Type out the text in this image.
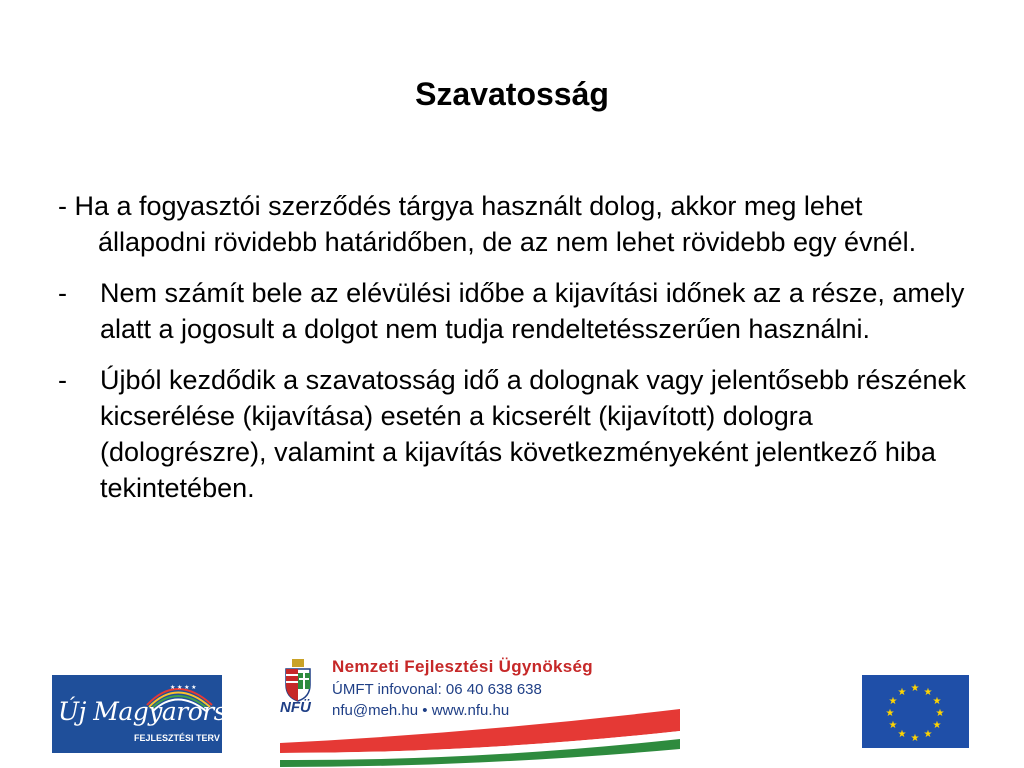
Szavatosság

- Ha a fogyasztói szerződés tárgya használt dolog, akkor meg lehet állapodni rövidebb határidőben, de az nem lehet rövidebb egy évnél.

- Nem számít bele az elévülési időbe a kijavítási időnek az a része, amely alatt a jogosult a dolgot nem tudja rendeltetésszerűen használni.
- Újból kezdődik a szavatosság idő a dolognak vagy jelentősebb részének kicserélése (kijavítása) esetén a kicserélt (kijavított) dologra (dologrészre), valamint a kijavítás következményeként jelentkező hiba tekintetében.
★ ★ ★ ★
Új Magyarország
FEJLESZTÉSI TERV
NFÜ
Nemzeti Fejlesztési Ügynökség
ÚMFT infovonal: 06 40 638 638
nfu@meh.hu • www.nfu.hu
★ ★
★
★
★
★
★
★
★
★
★
★
